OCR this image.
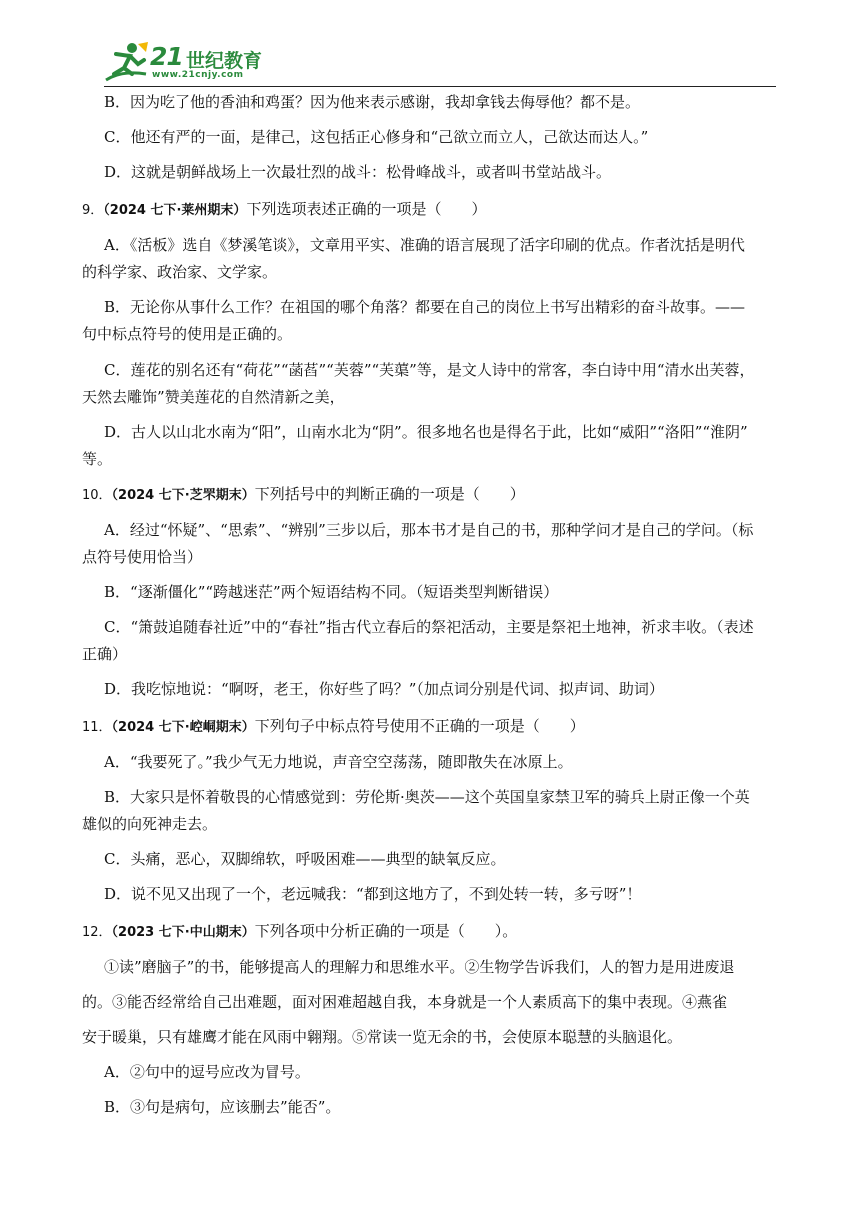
21 世纪教育
www.21cnjy.com
B．因为吃了他的香油和鸡蛋？因为他来表示感谢，我却拿钱去侮辱他？都不是。
C．他还有严的一面，是律己，这包括正心修身和“己欲立而立人，己欲达而达人。”
D．这就是朝鲜战场上一次最壮烈的战斗：松骨峰战斗，或者叫书堂站战斗。
9．（2024 七下·莱州期末）下列选项表述正确的一项是（　　）
A．《活板》选自《梦溪笔谈》，文章用平实、准确的语言展现了活字印刷的优点。作者沈括是明代
的科学家、政治家、文学家。
B．无论你从事什么工作？在祖国的哪个角落？都要在自己的岗位上书写出精彩的奋斗故事。——
句中标点符号的使用是正确的。
C．莲花的别名还有“荷花”“菡萏”“芙蓉”“芙蕖”等，是文人诗中的常客，李白诗中用“清水出芙蓉，
天然去雕饰”赞美莲花的自然清新之美，
D．古人以山北水南为“阳”，山南水北为“阴”。很多地名也是得名于此，比如“威阳”“洛阳”“淮阴”
等。
10．（2024 七下·芝罘期末）下列括号中的判断正确的一项是（　　）
A．经过“怀疑”、“思索”、“辨别”三步以后，那本书才是自己的书，那种学问才是自己的学问。（标
点符号使用恰当）
B．“逐渐僵化”“跨越迷茫”两个短语结构不同。（短语类型判断错误）
C．“箫鼓追随春社近”中的“春社”指古代立春后的祭祀活动，主要是祭祀土地神，祈求丰收。（表述
正确）
D．我吃惊地说：“啊呀，老王，你好些了吗？”（加点词分别是代词、拟声词、助词）
11．（2024 七下·崆峒期末）下列句子中标点符号使用不正确的一项是（　　）
A．“我要死了。”我少气无力地说，声音空空荡荡，随即散失在冰原上。
B．大家只是怀着敬畏的心情感觉到：劳伦斯·奥茨——这个英国皇家禁卫军的骑兵上尉正像一个英
雄似的向死神走去。
C．头痛，恶心，双脚绵软，呼吸困难——典型的缺氧反应。
D．说不见又出现了一个，老远喊我：“都到这地方了，不到处转一转，多亏呀”！
12．（2023 七下·中山期末）下列各项中分析正确的一项是（　　）。
①读”磨脑子”的书，能够提高人的理解力和思维水平。②生物学告诉我们，人的智力是用进废退
的。③能否经常给自己出难题，面对困难超越自我，本身就是一个人素质高下的集中表现。④燕雀
安于暖巢，只有雄鹰才能在风雨中翱翔。⑤常读一览无余的书，会使原本聪慧的头脑退化。
A．②句中的逗号应改为冒号。
B．③句是病句，应该删去”能否”。
